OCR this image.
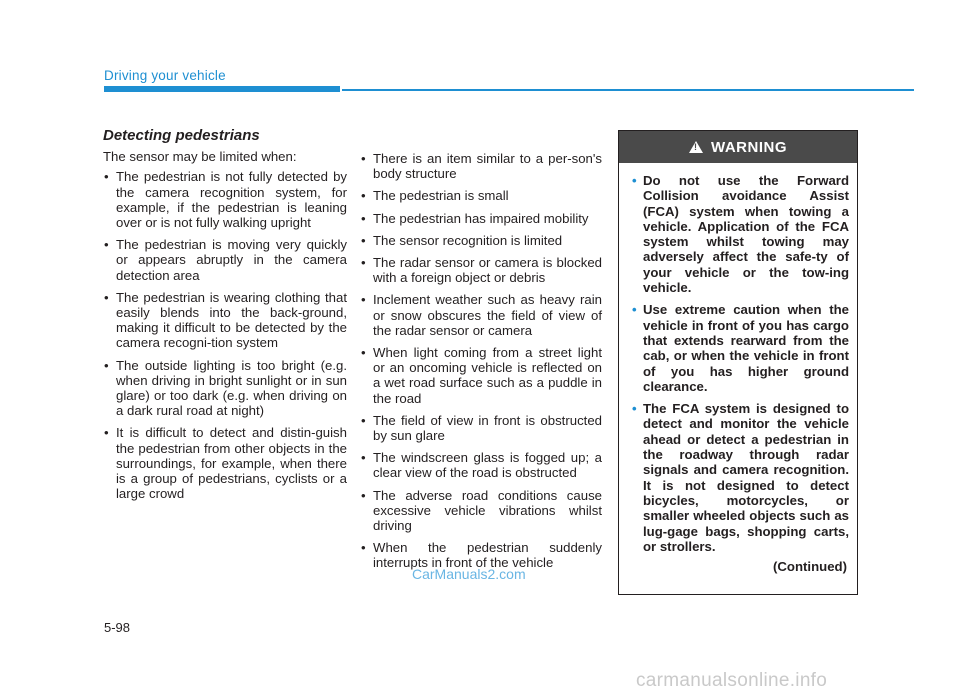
Driving your vehicle
Detecting pedestrians
The sensor may be limited when:
• The pedestrian is not fully detected by the camera recognition system, for example, if the pedestrian is leaning over or is not fully walking upright
• The pedestrian is moving very quickly or appears abruptly in the camera detection area
• The pedestrian is wearing clothing that easily blends into the back-ground, making it difficult to be detected by the camera recogni-tion system
• The outside lighting is too bright (e.g. when driving in bright sunlight or in sun glare) or too dark (e.g. when driving on a dark rural road at night)
• It is difficult to detect and distin-guish the pedestrian from other objects in the surroundings, for example, when there is a group of pedestrians, cyclists or a large crowd
• There is an item similar to a per-son's body structure
• The pedestrian is small
• The pedestrian has impaired mobility
• The sensor recognition is limited
• The radar sensor or camera is blocked with a foreign object or debris
• Inclement weather such as heavy rain or snow obscures the field of view of the radar sensor or camera
• When light coming from a street light or an oncoming vehicle is reflected on a wet road surface such as a puddle in the road
• The field of view in front is obstructed by sun glare
• The windscreen glass is fogged up; a clear view of the road is obstructed
• The adverse road conditions cause excessive vehicle vibrations whilst driving
• When the pedestrian suddenly interrupts in front of the vehicle
!
WARNING
• Do not use the Forward Collision avoidance Assist (FCA) system when towing a vehicle. Application of the FCA system whilst towing may adversely affect the safe-ty of your vehicle or the tow-ing vehicle.
• Use extreme caution when the vehicle in front of you has cargo that extends rearward from the cab, or when the vehicle in front of you has higher ground clearance.
• The FCA system is designed to detect and monitor the vehicle ahead or detect a pedestrian in the roadway through radar signals and camera recognition. It is not designed to detect bicycles, motorcycles, or smaller wheeled objects such as lug-gage bags, shopping carts, or strollers.
(Continued)
CarManuals2.com
5-98
carmanualsonline.info
